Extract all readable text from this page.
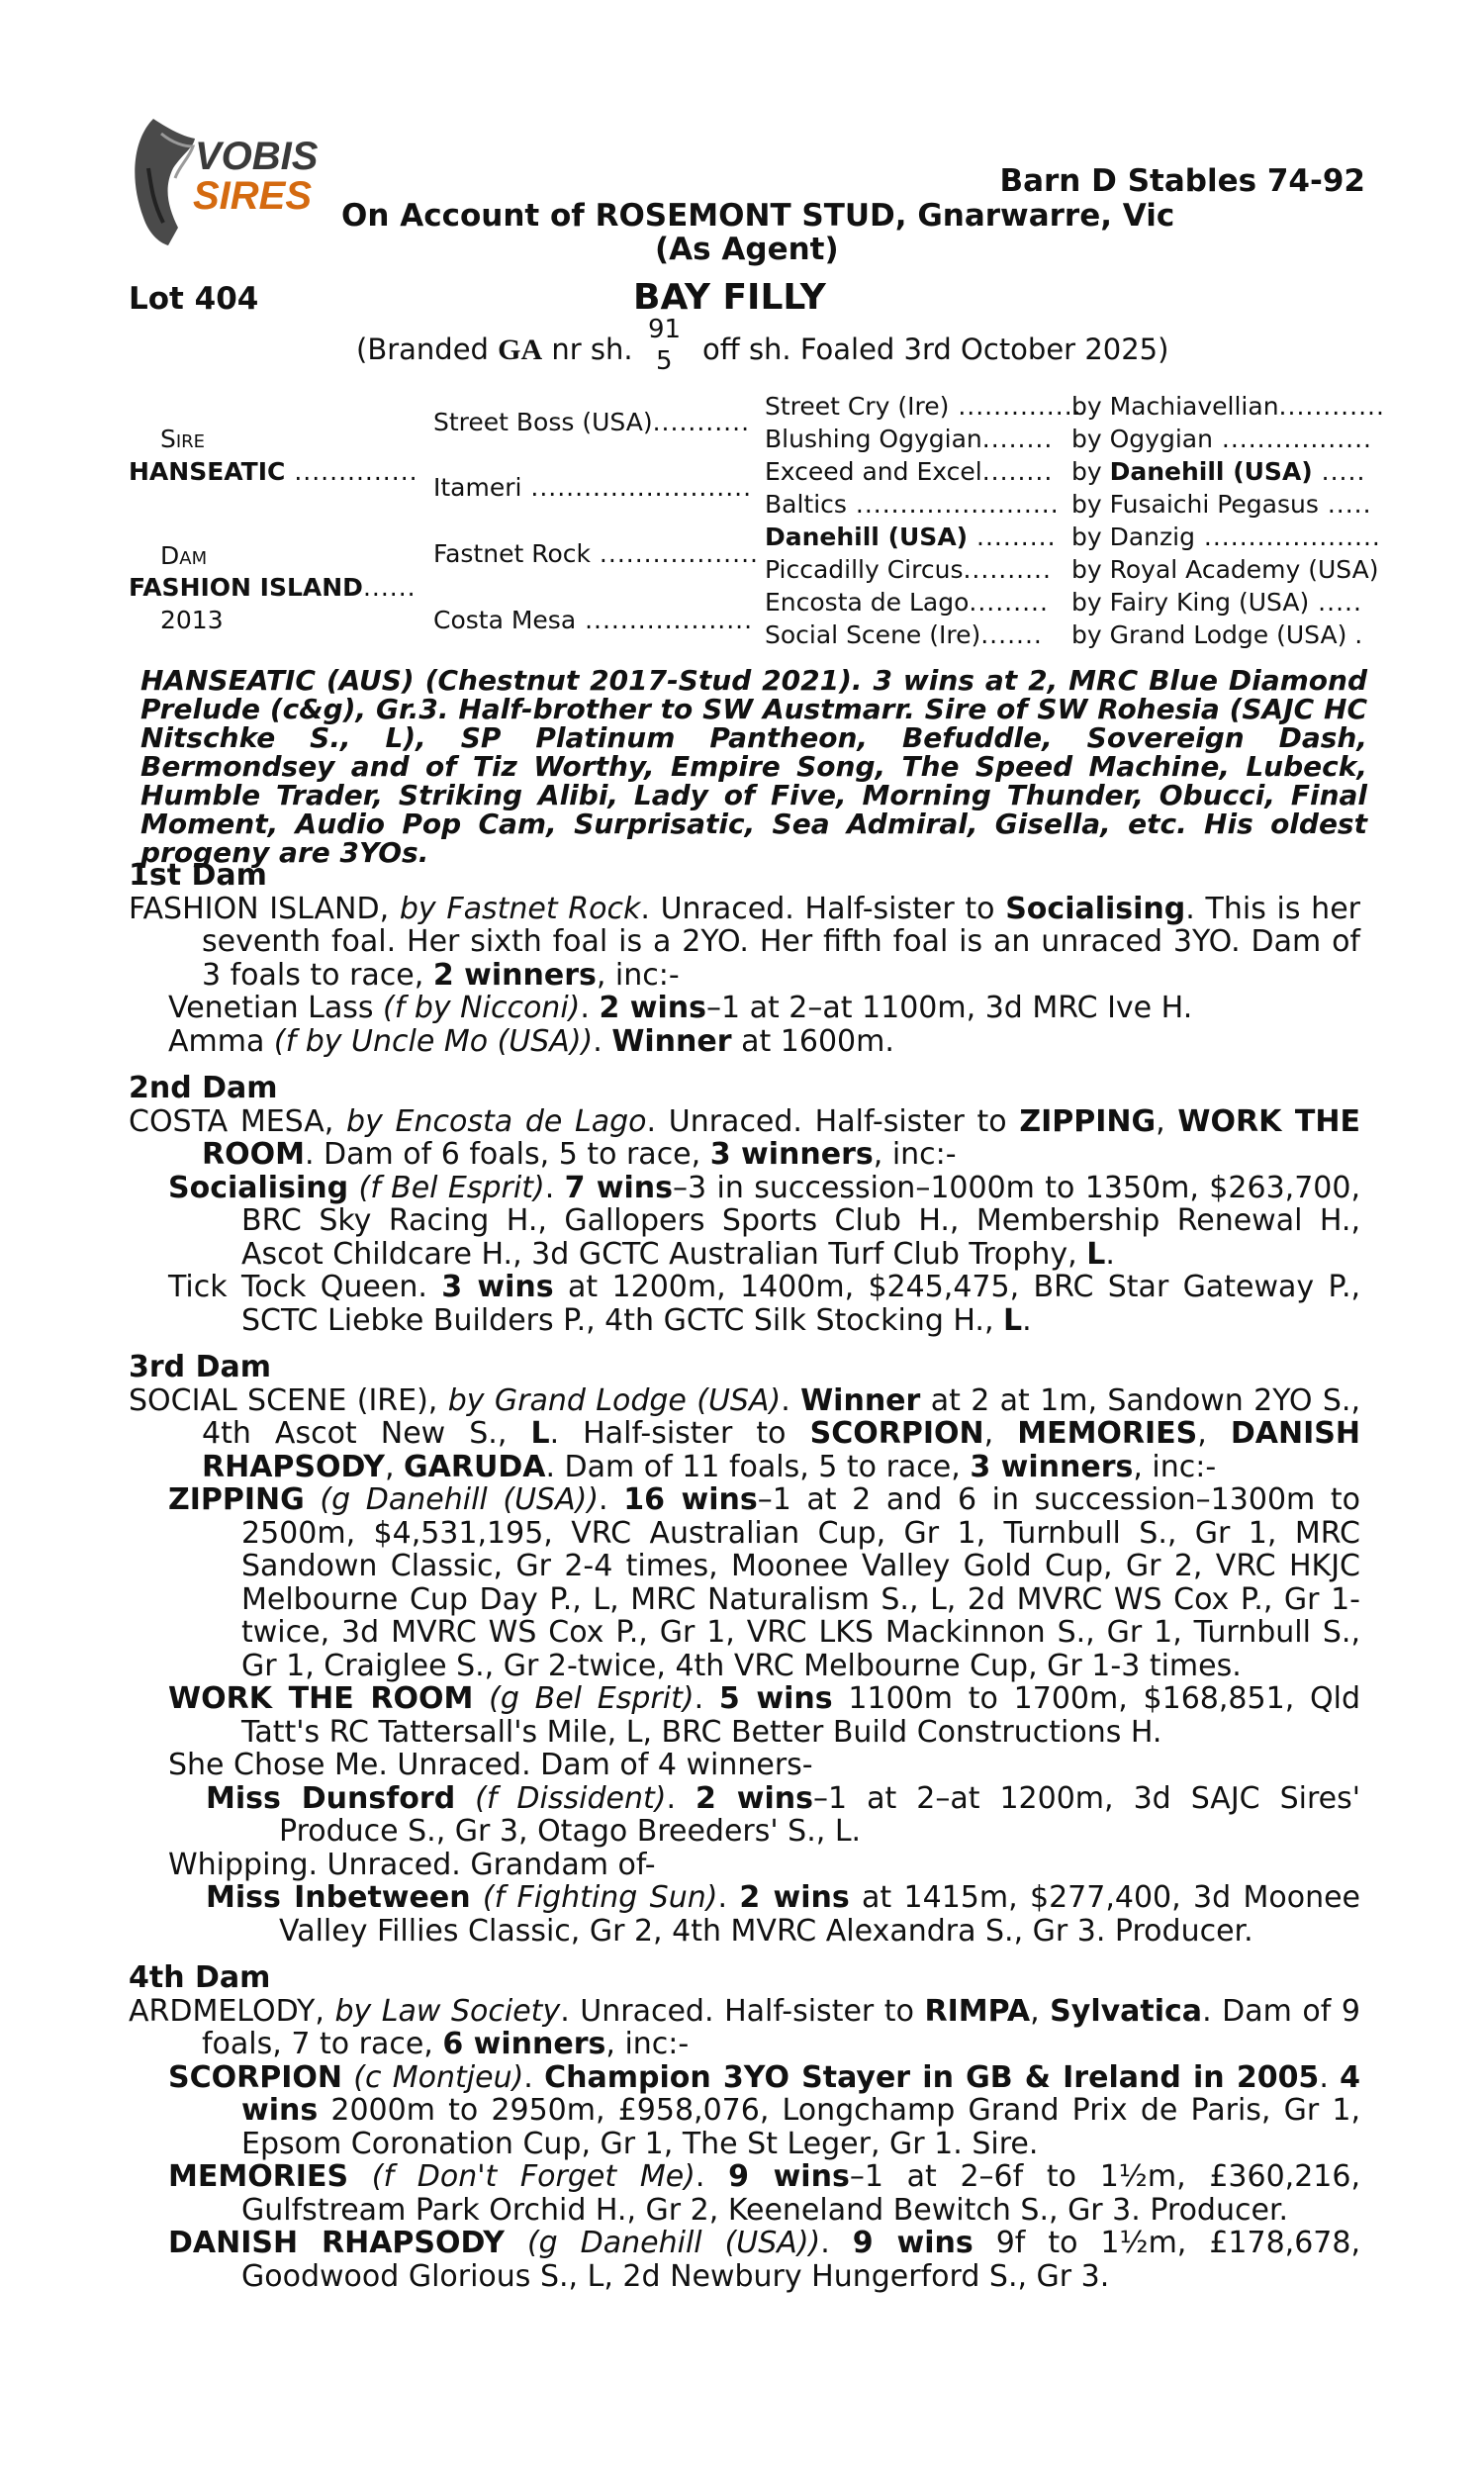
VOBIS
SIRES	Barn D Stables 74-92
On Account of ROSEMONT STUD, Gnarwarre, Vic
(As Agent)
Lot 404	BAY FILLY
(Branded GA nr sh.
91
5 off sh. Foaled 3rd October 2025)
Sire
HANSEATIC ..............
Dam
FASHION ISLAND......
2013
Street Boss (USA)...........
Itameri .........................
Fastnet Rock ..................
Costa Mesa ...................
Street Cry (Ire) ..............
Blushing Ogygian........
Exceed and Excel........
Baltics .......................
Danehill (USA) .........
Piccadilly Circus..........
Encosta de Lago.........
Social Scene (Ire).......
by Machiavellian............
by Ogygian .................
by Danehill (USA) .....
by Fusaichi Pegasus .....
by Danzig ....................
by Royal Academy (USA)
by Fairy King (USA) .....
by Grand Lodge (USA) .
HANSEATIC (AUS) (Chestnut 2017-Stud 2021). 3 wins at 2, MRC Blue Diamond Prelude (c&g), Gr.3. Half-brother to SW Austmarr. Sire of SW Rohesia (SAJC HC Nitschke S., L), SP Platinum Pantheon, Befuddle, Sovereign Dash, Bermondsey and of Tiz Worthy, Empire Song, The Speed Machine, Lubeck, Humble Trader, Striking Alibi, Lady of Five, Morning Thunder, Obucci, Final Moment, Audio Pop Cam, Surprisatic, Sea Admiral, Gisella, etc. His oldest progeny are 3YOs.
1st Dam

FASHION ISLAND, by Fastnet Rock. Unraced. Half-sister to Socialising. This is her seventh foal. Her sixth foal is a 2YO. Her fifth foal is an unraced 3YO. Dam of 3 foals to race, 2 winners, inc:-

Venetian Lass (f by Nicconi). 2 wins–1 at 2–at 1100m, 3d MRC Ive H.

Amma (f by Uncle Mo (USA)). Winner at 1600m.

2nd Dam

COSTA MESA, by Encosta de Lago. Unraced. Half-sister to ZIPPING, WORK THE ROOM. Dam of 6 foals, 5 to race, 3 winners, inc:-

Socialising (f Bel Esprit). 7 wins–3 in succession–1000m to 1350m, $263,700, BRC Sky Racing H., Gallopers Sports Club H., Membership Renewal H., Ascot Childcare H., 3d GCTC Australian Turf Club Trophy, L.

Tick Tock Queen. 3 wins at 1200m, 1400m, $245,475, BRC Star Gateway P., SCTC Liebke Builders P., 4th GCTC Silk Stocking H., L.

3rd Dam

SOCIAL SCENE (IRE), by Grand Lodge (USA). Winner at 2 at 1m, Sandown 2YO S., 4th Ascot New S., L. Half-sister to SCORPION, MEMORIES, DANISH RHAPSODY, GARUDA. Dam of 11 foals, 5 to race, 3 winners, inc:-

ZIPPING (g Danehill (USA)). 16 wins–1 at 2 and 6 in succession–1300m to 2500m, $4,531,195, VRC Australian Cup, Gr 1, Turnbull S., Gr 1, MRC Sandown Classic, Gr 2-4 times, Moonee Valley Gold Cup, Gr 2, VRC HKJC Melbourne Cup Day P., L, MRC Naturalism S., L, 2d MVRC WS Cox P., Gr 1-twice, 3d MVRC WS Cox P., Gr 1, VRC LKS Mackinnon S., Gr 1, Turnbull S., Gr 1, Craiglee S., Gr 2-twice, 4th VRC Melbourne Cup, Gr 1-3 times.

WORK THE ROOM (g Bel Esprit). 5 wins 1100m to 1700m, $168,851, Qld Tatt's RC Tattersall's Mile, L, BRC Better Build Constructions H.

She Chose Me. Unraced. Dam of 4 winners-

Miss Dunsford (f Dissident). 2 wins–1 at 2–at 1200m, 3d SAJC Sires' Produce S., Gr 3, Otago Breeders' S., L.

Whipping. Unraced. Grandam of-

Miss Inbetween (f Fighting Sun). 2 wins at 1415m, $277,400, 3d Moonee Valley Fillies Classic, Gr 2, 4th MVRC Alexandra S., Gr 3. Producer.

4th Dam

ARDMELODY, by Law Society. Unraced. Half-sister to RIMPA, Sylvatica. Dam of 9 foals, 7 to race, 6 winners, inc:-

SCORPION (c Montjeu). Champion 3YO Stayer in GB & Ireland in 2005. 4 wins 2000m to 2950m, £958,076, Longchamp Grand Prix de Paris, Gr 1, Epsom Coronation Cup, Gr 1, The St Leger, Gr 1. Sire.

MEMORIES (f Don't Forget Me). 9 wins–1 at 2–6f to 1½m, £360,216, Gulfstream Park Orchid H., Gr 2, Keeneland Bewitch S., Gr 3. Producer.

DANISH RHAPSODY (g Danehill (USA)). 9 wins 9f to 1½m, £178,678, Goodwood Glorious S., L, 2d Newbury Hungerford S., Gr 3.
